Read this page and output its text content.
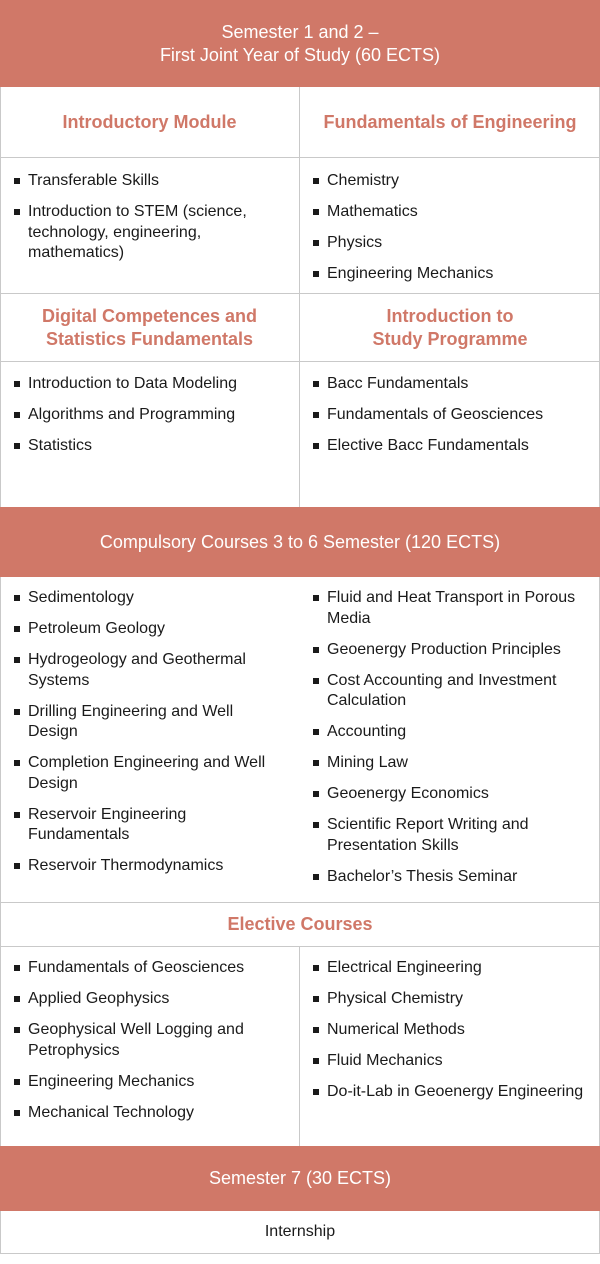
Semester 1 and 2 –
First Joint Year of Study (60 ECTS)
Introductory Module	Fundamentals of Engineering
Transferable Skills
Introduction to STEM (science, technology, engineering, mathematics)
Chemistry
Mathematics
Physics
Engineering Mechanics
Digital Competences and
Statistics Fundamentals
Introduction to
Study Programme
Introduction to Data Modeling
Algorithms and Programming
Statistics
Bacc Fundamentals
Fundamentals of Geosciences
Elective Bacc Fundamentals
Compulsory Courses 3 to 6 Semester (120 ECTS)
Sedimentology
Petroleum Geology
Hydrogeology and Geothermal Systems
Drilling Engineering and Well Design
Completion Engineering and Well Design
Reservoir Engineering Fundamentals
Reservoir Thermodynamics
Fluid and Heat Transport in Porous Media
Geoenergy Production Principles
Cost Accounting and Investment Calculation
Accounting
Mining Law
Geoenergy Economics
Scientific Report Writing and Presentation Skills
Bachelor’s Thesis Seminar
Elective Courses
Fundamentals of Geosciences
Applied Geophysics
Geophysical Well Logging and Petrophysics
Engineering Mechanics
Mechanical Technology
Electrical Engineering
Physical Chemistry
Numerical Methods
Fluid Mechanics
Do-it-Lab in Geoenergy Engineering
Semester 7 (30 ECTS)
Internship
